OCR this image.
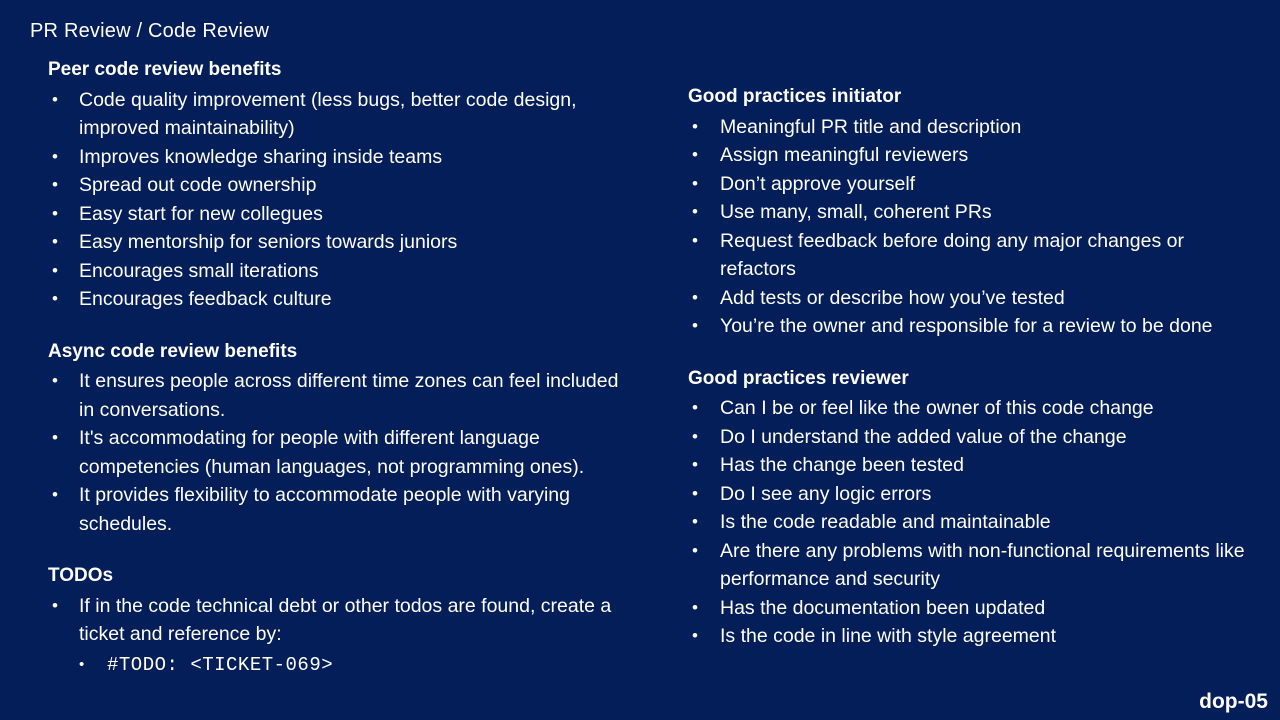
PR Review / Code Review
Peer code review benefits
•	Code quality improvement (less bugs, better code design, improved maintainability)
•	Improves knowledge sharing inside teams
•	Spread out code ownership
•	Easy start for new collegues
•	Easy mentorship for seniors towards juniors
•	Encourages small iterations
•	Encourages feedback culture
Async code review benefits
•	It ensures people across different time zones can feel included in conversations.
•	It's accommodating for people with different language competencies (human languages, not programming ones).
•	It provides flexibility to accommodate people with varying schedules.
TODOs
•	If in the code technical debt or other todos are found, create a ticket and reference by:
• #TODO: <TICKET-069>
Good practices initiator
•	Meaningful PR title and description
•	Assign meaningful reviewers
•	Don’t approve yourself
•	Use many, small, coherent PRs
•	Request feedback before doing any major changes or refactors
•	Add tests or describe how you’ve tested
•	You’re the owner and responsible for a review to be done
Good practices reviewer
•	Can I be or feel like the owner of this code change
•	Do I understand the added value of the change
•	Has the change been tested
•	Do I see any logic errors
•	Is the code readable and maintainable
•	Are there any problems with non-functional requirements like performance and security
•	Has the documentation been updated
•	Is the code in line with style agreement
dop-05
